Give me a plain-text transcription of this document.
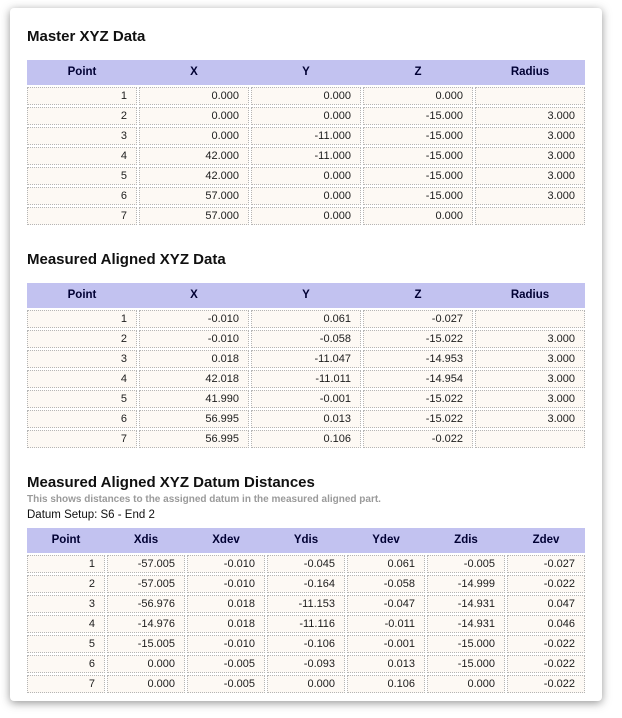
Master XYZ Data
Point	X	Y	Z	Radius
1	0.000	0.000	0.000
2	0.000	0.000	-15.000	3.000
3	0.000	-11.000	-15.000	3.000
4	42.000	-11.000	-15.000	3.000
5	42.000	0.000	-15.000	3.000
6	57.000	0.000	-15.000	3.000
7	57.000	0.000	0.000
Measured Aligned XYZ Data
Point	X	Y	Z	Radius
1	-0.010	0.061	-0.027
2	-0.010	-0.058	-15.022	3.000
3	0.018	-11.047	-14.953	3.000
4	42.018	-11.011	-14.954	3.000
5	41.990	-0.001	-15.022	3.000
6	56.995	0.013	-15.022	3.000
7	56.995	0.106	-0.022
Measured Aligned XYZ Datum Distances

This shows distances to the assigned datum in the measured aligned part.

Datum Setup: S6 - End 2

Point	Xdis	Xdev	Ydis	Ydev	Zdis	Zdev
1	-57.005	-0.010	-0.045	0.061	-0.005	-0.027
2	-57.005	-0.010	-0.164	-0.058	-14.999	-0.022
3	-56.976	0.018	-11.153	-0.047	-14.931	0.047
4	-14.976	0.018	-11.116	-0.011	-14.931	0.046
5	-15.005	-0.010	-0.106	-0.001	-15.000	-0.022
6	0.000	-0.005	-0.093	0.013	-15.000	-0.022
7	0.000	-0.005	0.000	0.106	0.000	-0.022
